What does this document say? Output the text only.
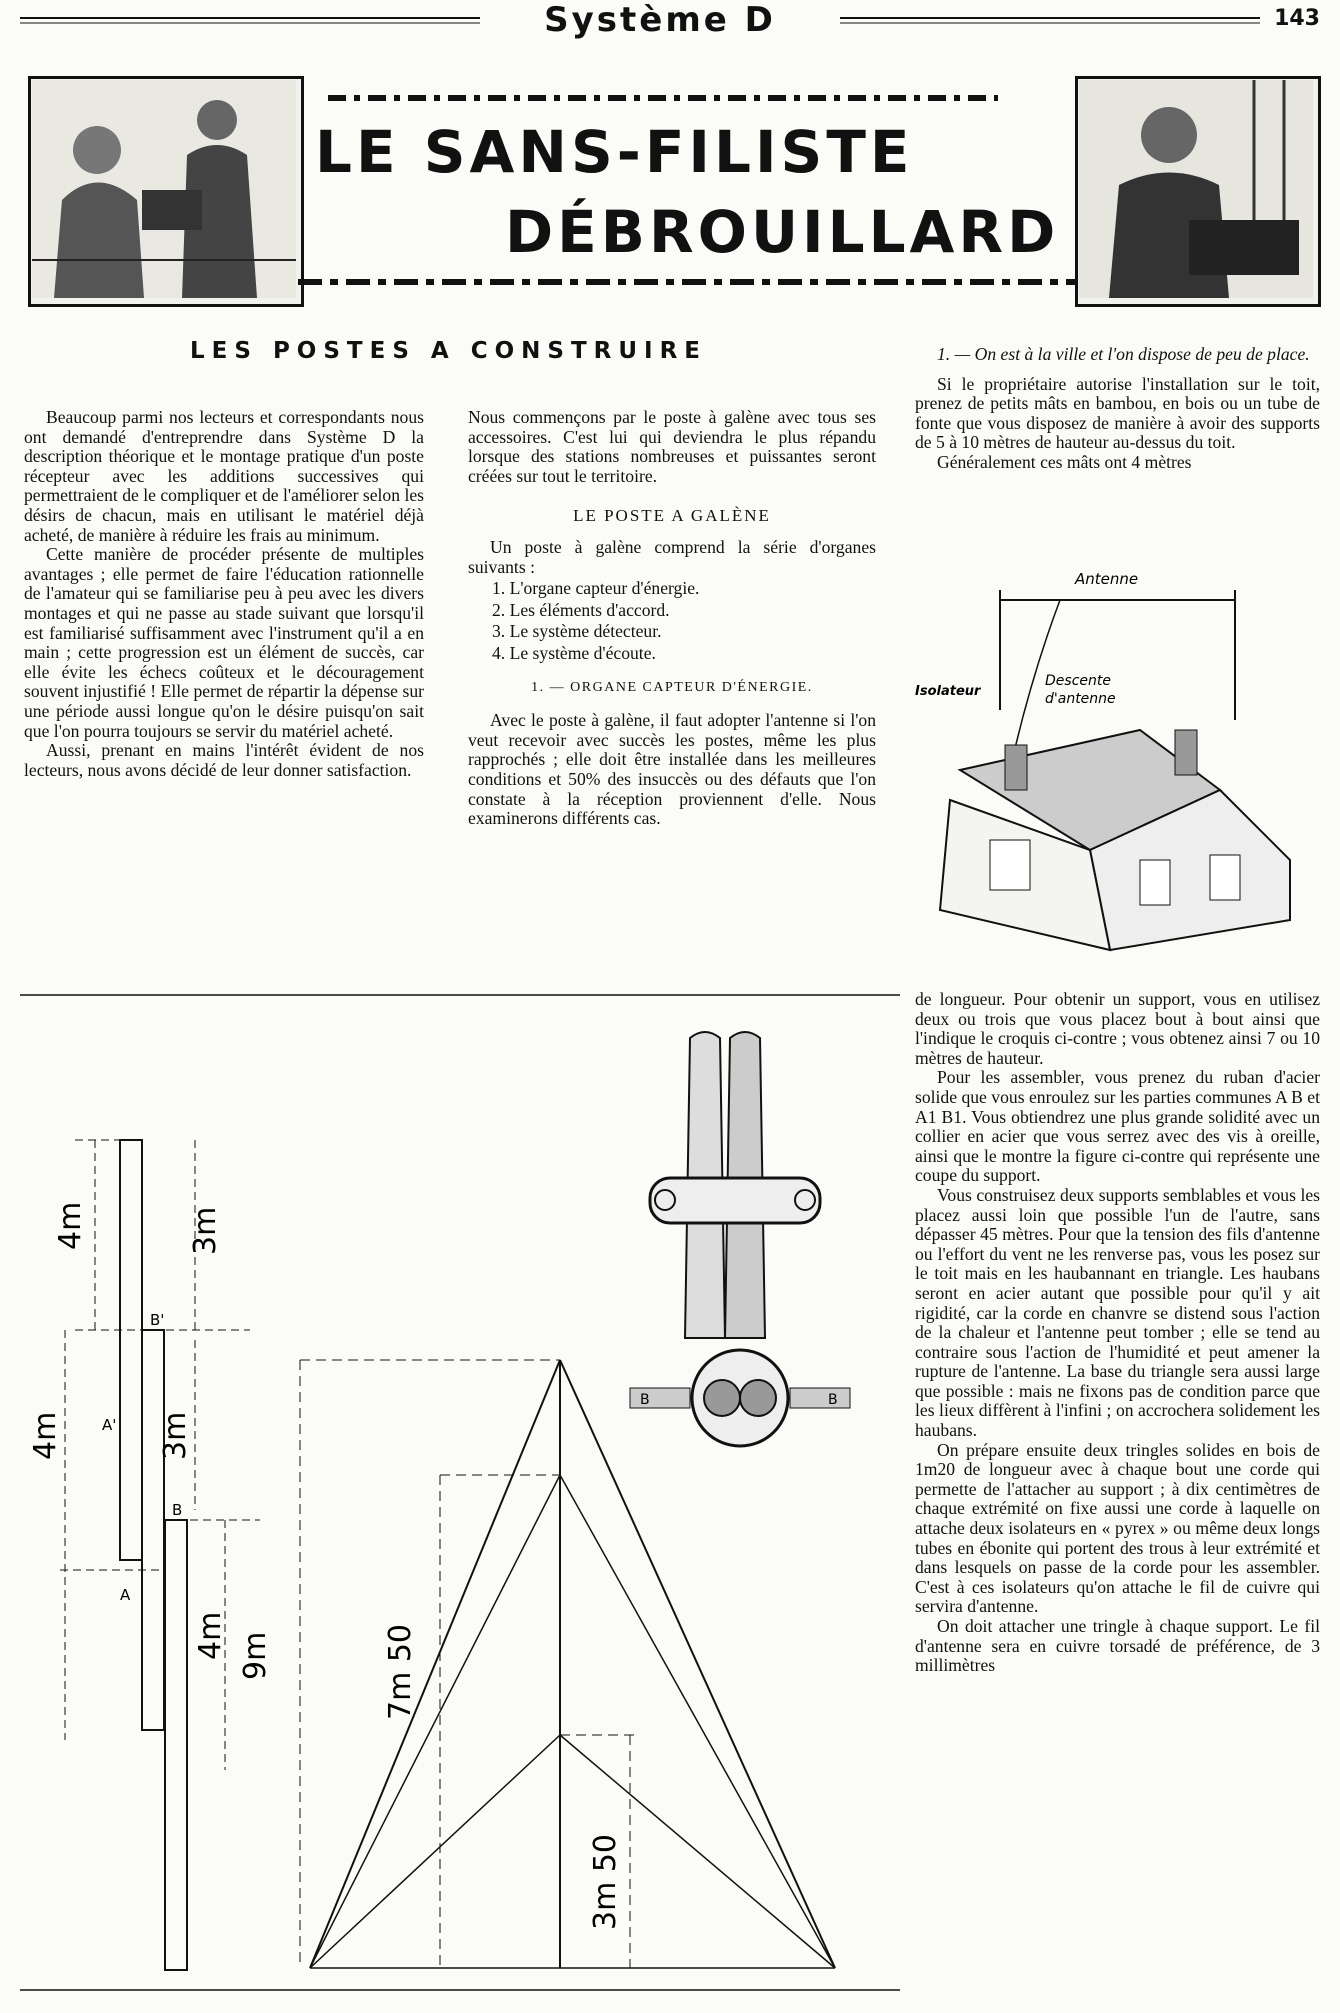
Système D	143
LE SANS-FILISTE
DÉBROUILLARD
LES POSTES A CONSTRUIRE

Beaucoup parmi nos lecteurs et correspondants nous ont demandé d'entreprendre dans Système D la description théorique et le montage pratique d'un poste récepteur avec les additions successives qui permettraient de le compliquer et de l'améliorer selon les désirs de chacun, mais en utilisant le matériel déjà acheté, de manière à réduire les frais au minimum.

Cette manière de procéder présente de multiples avantages ; elle permet de faire l'éducation rationnelle de l'amateur qui se familiarise peu à peu avec les divers montages et qui ne passe au stade suivant que lorsqu'il est familiarisé suffisamment avec l'instrument qu'il a en main ; cette progression est un élément de succès, car elle évite les échecs coûteux et le découragement souvent injustifié ! Elle permet de répartir la dépense sur une période aussi longue qu'on le désire puisqu'on sait que l'on pourra toujours se servir du matériel acheté.

Aussi, prenant en mains l'intérêt évident de nos lecteurs, nous avons décidé de leur donner satisfaction.

Nous commençons par le poste à galène avec tous ses accessoires. C'est lui qui deviendra le plus répandu lorsque des stations nombreuses et puissantes seront créées sur tout le territoire.

LE POSTE A GALÈNE

Un poste à galène comprend la série d'organes suivants :

1. L'organe capteur d'énergie.
2. Les éléments d'accord.
3. Le système détecteur.
4. Le système d'écoute.
1. — ORGANE CAPTEUR D'ÉNERGIE.

Avec le poste à galène, il faut adopter l'antenne si l'on veut recevoir avec succès les postes, même les plus rapprochés ; elle doit être installée dans les meilleures conditions et 50% des insuccès ou des défauts que l'on constate à la réception proviennent d'elle. Nous examinerons différents cas.

1. — On est à la ville et l'on dispose de peu de place.

Si le propriétaire autorise l'installation sur le toit, prenez de petits mâts en bambou, en bois ou un tube de fonte que vous disposez de manière à avoir des supports de 5 à 10 mètres de hauteur au-dessus du toit.

Généralement ces mâts ont 4 mètres

Antenne
Isolateur
Descente
d'antenne

de longueur. Pour obtenir un support, vous en utilisez deux ou trois que vous placez bout à bout ainsi que l'indique le croquis ci-contre ; vous obtenez ainsi 7 ou 10 mètres de hauteur.

Pour les assembler, vous prenez du ruban d'acier solide que vous enroulez sur les parties communes A B et A1 B1. Vous obtiendrez une plus grande solidité avec un collier en acier que vous serrez avec des vis à oreille, ainsi que le montre la figure ci-contre qui représente une coupe du support.

Vous construisez deux supports semblables et vous les placez aussi loin que possible l'un de l'autre, sans dépasser 45 mètres. Pour que la tension des fils d'antenne ou l'effort du vent ne les renverse pas, vous les posez sur le toit mais en les haubannant en triangle. Les haubans seront en acier autant que possible pour qu'il y ait rigidité, car la corde en chanvre se distend sous l'action de la chaleur et l'antenne peut tomber ; elle se tend au contraire sous l'action de l'humidité et peut amener la rupture de l'antenne. La base du triangle sera aussi large que possible : mais ne fixons pas de condition parce que les lieux diffèrent à l'infini ; on accrochera solidement les haubans.

On prépare ensuite deux tringles solides en bois de 1m20 de longueur avec à chaque bout une corde qui permette de l'attacher au support ; à dix centimètres de chaque extrémité on fixe aussi une corde à laquelle on attache deux isolateurs en « pyrex » ou même deux longs tubes en ébonite qui portent des trous à leur extrémité et dans lesquels on passe de la corde pour les assembler. C'est à ces isolateurs qu'on attache le fil de cuivre qui servira d'antenne.

On doit attacher une tringle à chaque support. Le fil d'antenne sera en cuivre torsadé de préférence, de 3 millimètres

4m	3m
4m	3m
4m
B'
A'
B
A
9m	7m 50
3m 50
B	B
